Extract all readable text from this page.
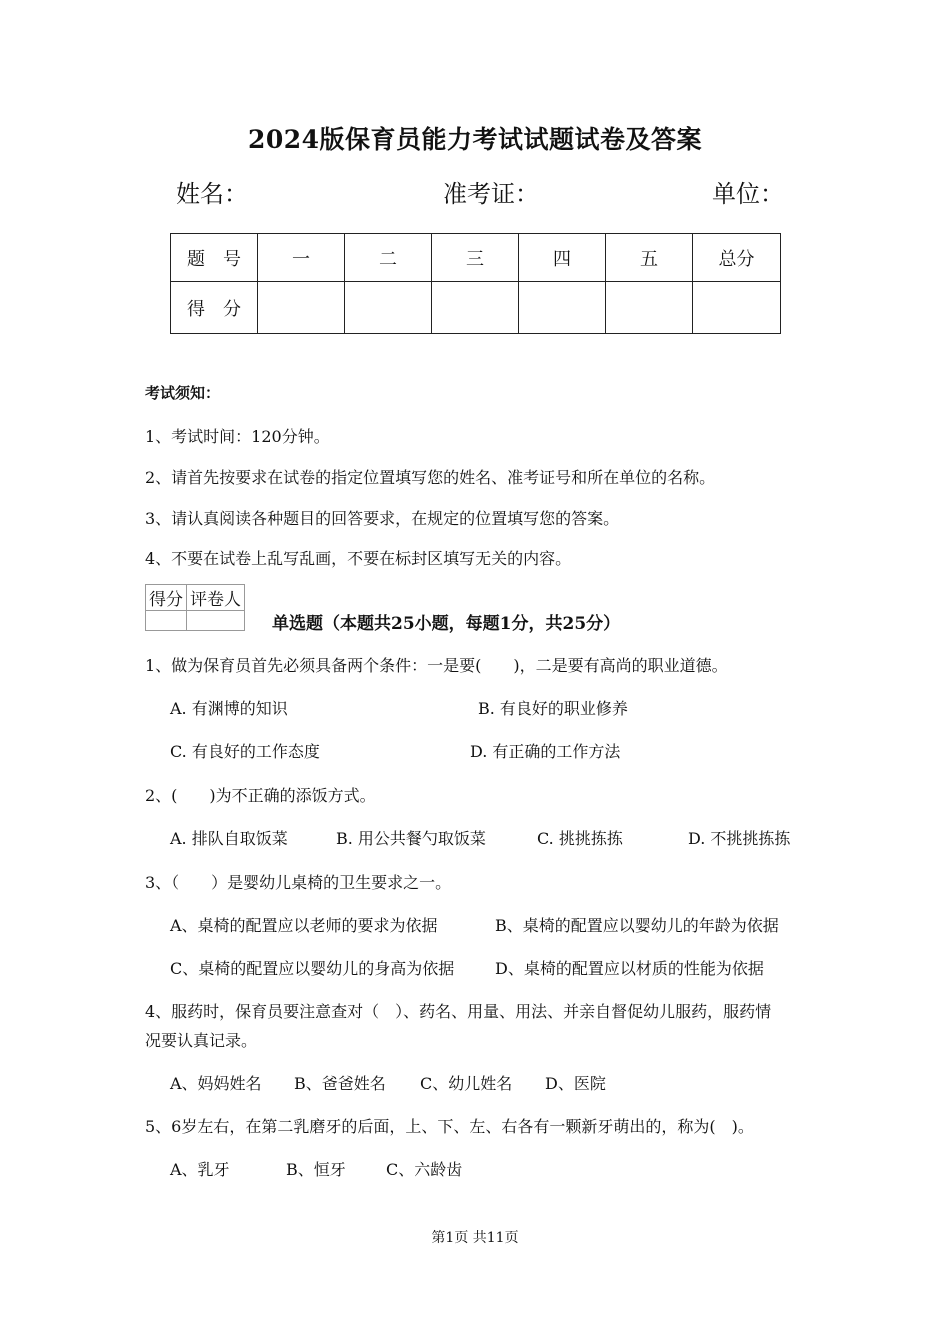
2024版保育员能力考试试题试卷及答案
姓名：	准考证：	单位：
题　号	一	二	三	四	五	总分
得　分						
考试须知：
1、考试时间：120分钟。
2、请首先按要求在试卷的指定位置填写您的姓名、准考证号和所在单位的名称。
3、请认真阅读各种题目的回答要求，在规定的位置填写您的答案。
4、不要在试卷上乱写乱画，不要在标封区填写无关的内容。
得分	评卷人

单选题（本题共25小题，每题1分，共25分）
1、做为保育员首先必须具备两个条件：一是要(　　)，二是要有高尚的职业道德。
A. 有渊博的知识	B. 有良好的职业修养
C. 有良好的工作态度	D. 有正确的工作方法
2、(　　)为不正确的添饭方式。
A. 排队自取饭菜	B. 用公共餐勺取饭菜	C. 挑挑拣拣	D. 不挑挑拣拣
3、（　　）是婴幼儿桌椅的卫生要求之一。
A、桌椅的配置应以老师的要求为依据	B、桌椅的配置应以婴幼儿的年龄为依据
C、桌椅的配置应以婴幼儿的身高为依据	D、桌椅的配置应以材质的性能为依据
4、服药时，保育员要注意查对（　）、药名、用量、用法、并亲自督促幼儿服药，服药情
况要认真记录。
A、妈妈姓名 B、爸爸姓名 C、幼儿姓名 D、医院
5、6岁左右，在第二乳磨牙的后面，上、下、左、右各有一颗新牙萌出的，称为(　)。
A、乳牙	B、恒牙	C、六龄齿
第1页 共11页
